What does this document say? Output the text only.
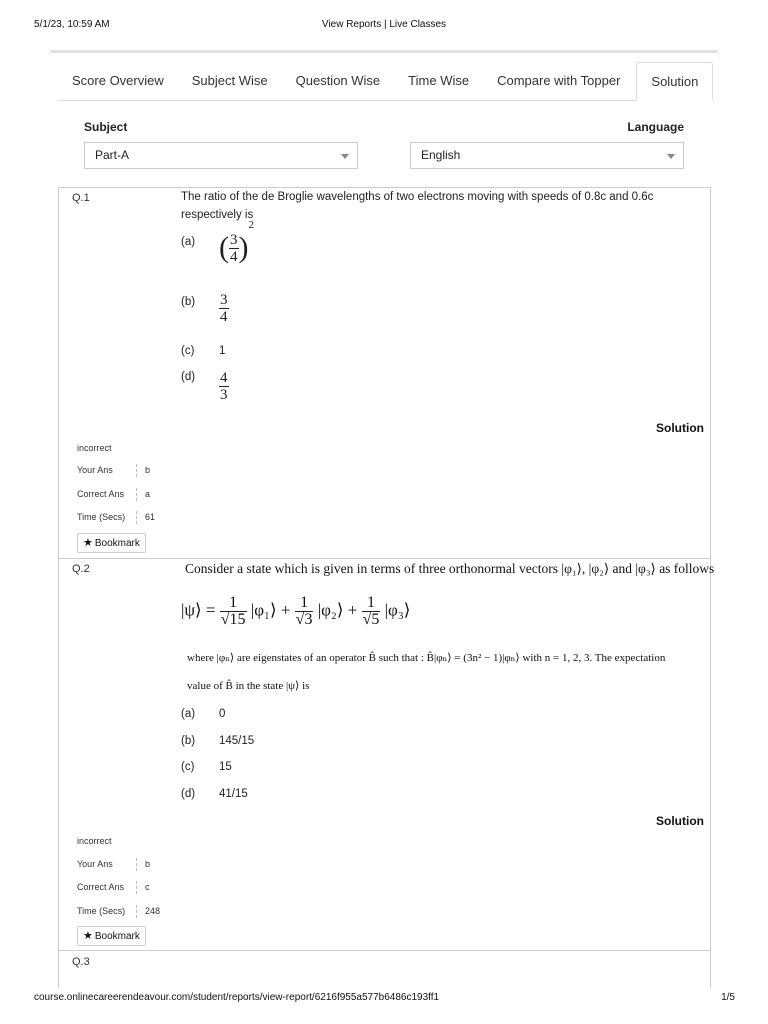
5/1/23, 10:59 AM	View Reports | Live Classes
Score Overview	Subject Wise	Question Wise	Time Wise	Compare with Topper	Solution
Subject	Language
Part-A	English
Q.1	The ratio of the de Broglie wavelengths of two electrons moving with speeds of 0.8c and 0.6c respectively is
(a) ( $\frac{3}{4} )^2$
$(b) \frac{3}{4}$
(c) 1
$(d) \frac{4}{3}$
Solution
incorrect
Your Ans	b
Correct Ans a
Time (Secs) 61
★ Bookmark
Q.2	Consider a state which is given in terms of three orthonormal vectors |φ₁⟩, |φ₂⟩ and |φ₃⟩ as follows
|ψ⟩ = $\frac{1}{√15}$ |φ₁⟩ + $\frac{1}{√3}$ |φ₂⟩ + $\frac{1}{√5}$ |φ₃⟩
where |φₙ⟩ are eigenstates of an operator B̂ such that : B̂|φₙ⟩ = (3n² − 1)|φₙ⟩ with n = 1, 2, 3. The expectation
value of B̂ in the state |ψ⟩ is
(a) 0
(b) 145/15
(c) 15
(d) 41/15
Solution
incorrect
Your Ans	b
Correct Ans c
Time (Secs) 248
★ Bookmark
Q.3
course.onlinecareerendeavour.com/student/reports/view-report/6216f955a577b6486c193ff1	1/5
